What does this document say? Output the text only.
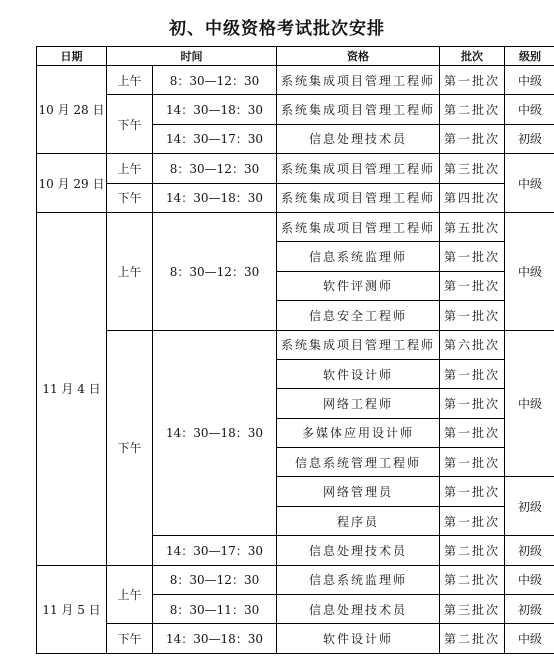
初、中级资格考试批次安排
日期	时间		资格	批次	级别
10 月 28 日	上午	8：30—12：30	系统集成项目管理工程师	第一批次	中级
	下午	14：30—18：30	系统集成项目管理工程师	第二批次	中级
		14：30—17：30	信息处理技术员	第一批次	初级
10 月 29 日	上午	8：30—12：30	系统集成项目管理工程师	第三批次	中级
	下午	14：30—18：30	系统集成项目管理工程师	第四批次	
11 月 4 日	上午	8：30—12：30	系统集成项目管理工程师	第五批次	中级
			信息系统监理师	第一批次	
			软件评测师	第一批次	
			信息安全工程师	第一批次	
	下午	14：30—18：30	系统集成项目管理工程师	第六批次	中级
			软件设计师	第一批次	
			网络工程师	第一批次	
			多媒体应用设计师	第一批次	
			信息系统管理工程师	第一批次	
			网络管理员	第一批次	初级
			程序员	第一批次	
		14：30—17：30	信息处理技术员	第二批次	初级
11 月 5 日	上午	8：30—12：30	信息系统监理师	第二批次	中级
		8：30—11：30	信息处理技术员	第三批次	初级
	下午	14：30—18：30	软件设计师	第二批次	中级
